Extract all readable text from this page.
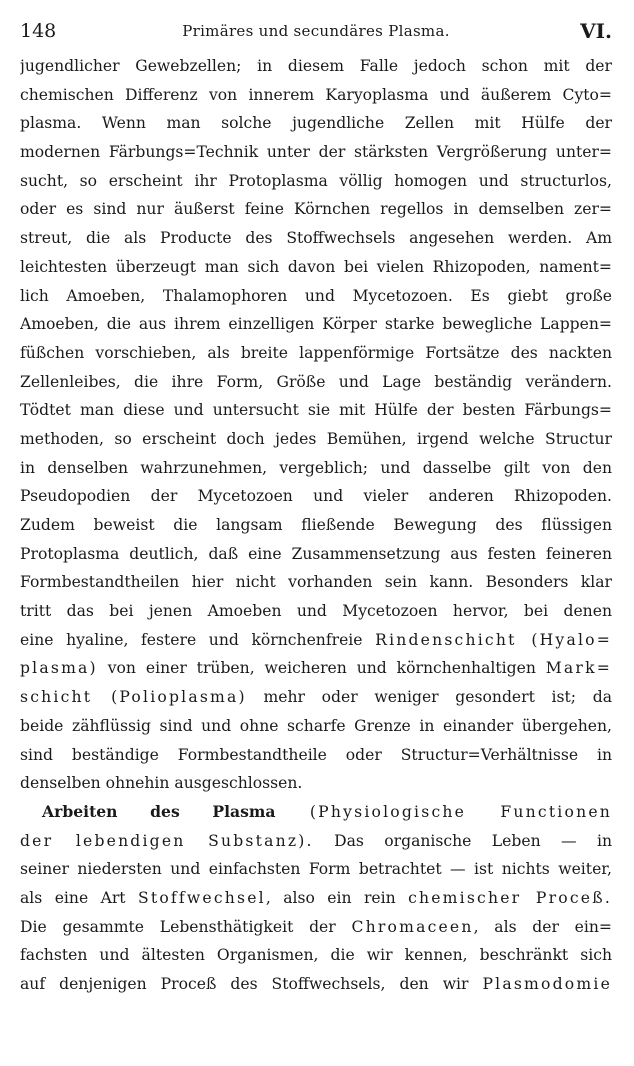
148	Primäres und secundäres Plasma.	VI.
jugendlicher Gewebzellen; in diesem Falle jedoch schon mit der
chemischen Differenz von innerem Karyoplasma und äußerem Cyto=
plasma. Wenn man solche jugendliche Zellen mit Hülfe der
modernen Färbungs=Technik unter der stärksten Vergrößerung unter=
sucht, so erscheint ihr Protoplasma völlig homogen und structurlos,
oder es sind nur äußerst feine Körnchen regellos in demselben zer=
streut, die als Producte des Stoffwechsels angesehen werden. Am
leichtesten überzeugt man sich davon bei vielen Rhizopoden, nament=
lich Amoeben, Thalamophoren und Mycetozoen. Es giebt große
Amoeben, die aus ihrem einzelligen Körper starke bewegliche Lappen=
füßchen vorschieben, als breite lappenförmige Fortsätze des nackten
Zellenleibes, die ihre Form, Größe und Lage beständig verändern.
Tödtet man diese und untersucht sie mit Hülfe der besten Färbungs=
methoden, so erscheint doch jedes Bemühen, irgend welche Structur
in denselben wahrzunehmen, vergeblich; und dasselbe gilt von den
Pseudopodien der Mycetozoen und vieler anderen Rhizopoden.
Zudem beweist die langsam fließende Bewegung des flüssigen
Protoplasma deutlich, daß eine Zusammensetzung aus festen feineren
Formbestandtheilen hier nicht vorhanden sein kann. Besonders klar
tritt das bei jenen Amoeben und Mycetozoen hervor, bei denen
eine hyaline, festere und körnchenfreie Rindenschicht (Hyalo=
plasma) von einer trüben, weicheren und körnchenhaltigen Mark=
schicht (Polioplasma) mehr oder weniger gesondert ist; da
beide zähflüssig sind und ohne scharfe Grenze in einander übergehen,
sind beständige Formbestandtheile oder Structur=Verhältnisse in
denselben ohnehin ausgeschlossen.
Arbeiten des Plasma (Physiologische Functionen
der lebendigen Substanz). Das organische Leben — in
seiner niedersten und einfachsten Form betrachtet — ist nichts weiter,
als eine Art Stoffwechsel, also ein rein chemischer Proceß.
Die gesammte Lebensthätigkeit der Chromaceen, als der ein=
fachsten und ältesten Organismen, die wir kennen, beschränkt sich
auf denjenigen Proceß des Stoffwechsels, den wir Plasmodomie
